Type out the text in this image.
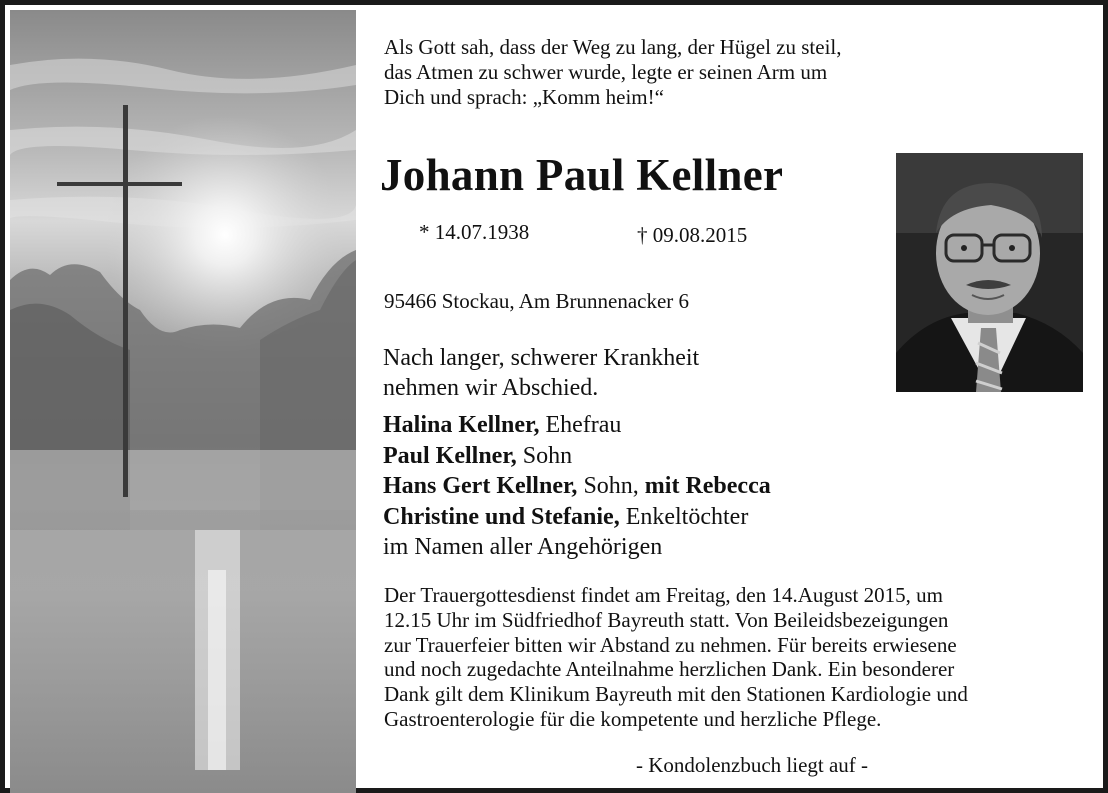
Als Gott sah, dass der Weg zu lang, der Hügel zu steil,
das Atmen zu schwer wurde, legte er seinen Arm um
Dich und sprach: „Komm heim!“
Johann Paul Kellner
* 14.07.1938	† 09.08.2015
95466 Stockau, Am Brunnenacker 6
Nach langer, schwerer Krankheit
nehmen wir Abschied.
Halina Kellner, Ehefrau
Paul Kellner, Sohn
Hans Gert Kellner, Sohn, mit Rebecca
Christine und Stefanie, Enkeltöchter
im Namen aller Angehörigen
Der Trauergottesdienst findet am Freitag, den 14.August 2015, um
12.15 Uhr im Südfriedhof Bayreuth statt. Von Beileidsbezeigungen
zur Trauerfeier bitten wir Abstand zu nehmen. Für bereits erwiesene
und noch zugedachte Anteilnahme herzlichen Dank. Ein besonderer
Dank gilt dem Klinikum Bayreuth mit den Stationen Kardiologie und
Gastroenterologie für die kompetente und herzliche Pflege.
- Kondolenzbuch liegt auf -
